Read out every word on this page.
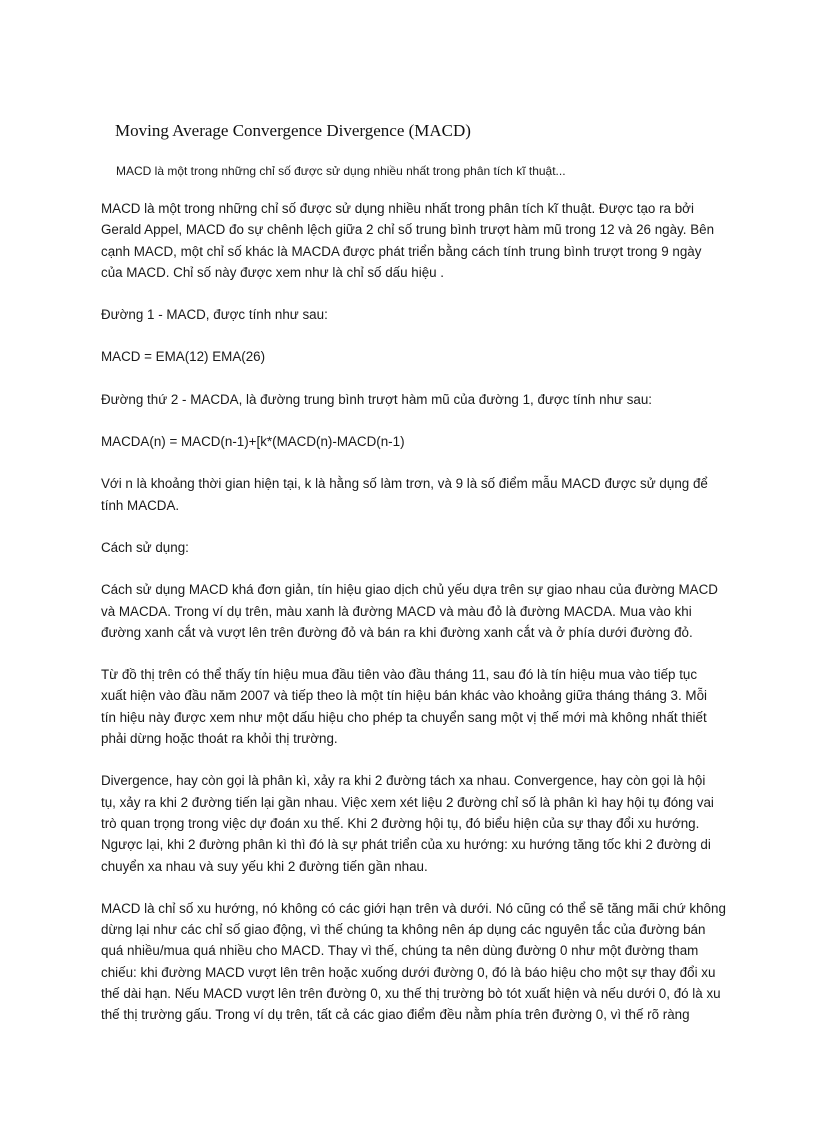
Moving Average Convergence Divergence (MACD)
MACD là một trong những chỉ số được sử dụng nhiều nhất trong phân tích kĩ thuật...

MACD là một trong những chỉ số được sử dụng nhiều nhất trong phân tích kĩ thuật. Được tạo ra bởi
Gerald Appel, MACD đo sự chênh lệch giữa 2 chỉ số trung bình trượt hàm mũ trong 12 và 26 ngày. Bên
cạnh MACD, một chỉ số khác là MACDA được phát triển bằng cách tính trung bình trượt trong 9 ngày
của MACD. Chỉ số này được xem như là chỉ số dấu hiệu .

Đường 1 - MACD, được tính như sau:

MACD = EMA(12) EMA(26)

Đường thứ 2 - MACDA, là đường trung bình trượt hàm mũ của đường 1, được tính như sau:

MACDA(n) = MACD(n-1)+[k*(MACD(n)-MACD(n-1)

Với n là khoảng thời gian hiện tại, k là hằng số làm trơn, và 9 là số điểm mẫu MACD được sử dụng để
tính MACDA.

Cách sử dụng:

Cách sử dụng MACD khá đơn giản, tín hiệu giao dịch chủ yếu dựa trên sự giao nhau của đường MACD
và MACDA. Trong ví dụ trên, màu xanh là đường MACD và màu đỏ là đường MACDA. Mua vào khi
đường xanh cắt và vượt lên trên đường đỏ và bán ra khi đường xanh cắt và ở phía dưới đường đỏ.

Từ đồ thị trên có thể thấy tín hiệu mua đầu tiên vào đầu tháng 11, sau đó là tín hiệu mua vào tiếp tục
xuất hiện vào đầu năm 2007 và tiếp theo là một tín hiệu bán khác vào khoảng giữa tháng tháng 3. Mỗi
tín hiệu này được xem như một dấu hiệu cho phép ta chuyển sang một vị thế mới mà không nhất thiết
phải dừng hoặc thoát ra khỏi thị trường.

Divergence, hay còn gọi là phân kì, xảy ra khi 2 đường tách xa nhau. Convergence, hay còn gọi là hội
tụ, xảy ra khi 2 đường tiến lại gần nhau. Việc xem xét liệu 2 đường chỉ số là phân kì hay hội tụ đóng vai
trò quan trọng trong việc dự đoán xu thế. Khi 2 đường hội tụ, đó biểu hiện của sự thay đổi xu hướng.
Ngược lại, khi 2 đường phân kì thì đó là sự phát triển của xu hướng: xu hướng tăng tốc khi 2 đường di
chuyển xa nhau và suy yếu khi 2 đường tiến gần nhau.

MACD là chỉ số xu hướng, nó không có các giới hạn trên và dưới. Nó cũng có thể sẽ tăng mãi chứ không
dừng lại như các chỉ số giao động, vì thế chúng ta không nên áp dụng các nguyên tắc của đường bán
quá nhiều/mua quá nhiều cho MACD. Thay vì thế, chúng ta nên dùng đường 0 như một đường tham
chiếu: khi đường MACD vượt lên trên hoặc xuống dưới đường 0, đó là báo hiệu cho một sự thay đổi xu
thế dài hạn. Nếu MACD vượt lên trên đường 0, xu thế thị trường bò tót xuất hiện và nếu dưới 0, đó là xu
thế thị trường gấu. Trong ví dụ trên, tất cả các giao điểm đều nằm phía trên đường 0, vì thế rõ ràng
